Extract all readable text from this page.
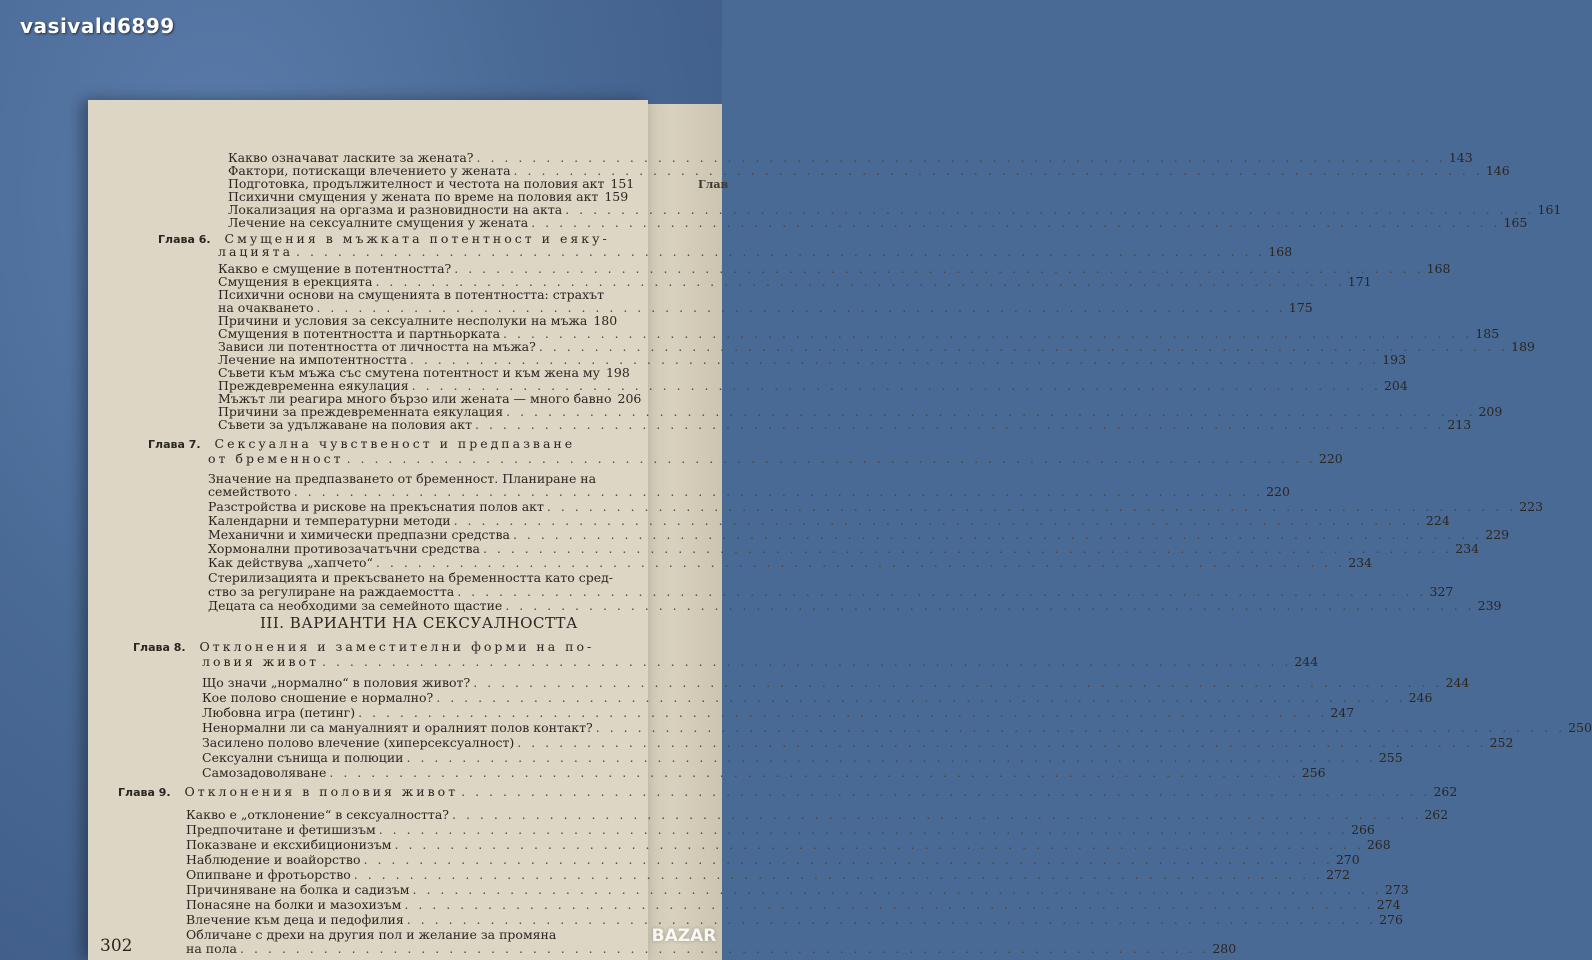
Глав
vasivald6899
Какво означават ласките за жената? . . .	143
Фактори, потискащи влечението у жената . . .	146
Подготовка, продължителност и честота на половия акт 151
Психични смущения у жената по време на половия акт 159
Локализация на оргазма и разновидности на акта . . .	161
Лечение на сексуалните смущения у жената . . .	165
Глава 6. Смущения в мъжката потентност и еяку-
лацията . . .	168
Какво е смущение в потентността? . . .	168
Смущения в ерекцията . . .	171
Психични основи на смущенията в потентността: страхът
на очакването . . .	175
Причини и условия за сексуалните несполуки на мъжа 180
Смущения в потентността и партньорката . . .	185
Зависи ли потентността от личността на мъжа? . . .	189
Лечение на импотентността . . .	193
Съвети към мъжа със смутена потентност и към жена му 198
Преждевременна еякулация . . .	204
Мъжът ли реагира много бързо или жената — много бавно 206
Причини за преждевременната еякулация . . .	209
Съвети за удължаване на половия акт . . .	213
Глава 7. Сексуална чувственост и предпазване
от бременност . . .	220
Значение на предпазването от бременност. Планиране на
семейството . . .	220
Разстройства и рискове на прекъснатия полов акт . . .	223
Календарни и температурни методи . . .	224
Механични и химически предпазни средства . . .	229
Хормонални противозачатъчни средства . . .	234
Как действува „хапчето“ . . .	234
Стерилизацията и прекъсването на бременността като сред-
ство за регулиране на раждаемостта . . .	327
Децата са необходими за семейното щастие . . .	239
III. ВАРИАНТИ НА СЕКСУАЛНОСТТА
Глава 8. Отклонения и заместителни форми на по-
ловия живот . . .	244
Що значи „нормално“ в половия живот? . . .	244
Кое полово сношение е нормално? . . .	246
Любовна игра (петинг) . . .	247
Ненормални ли са мануалният и оралният полов контакт? . . .	250
Засилено полово влечение (хиперсексуалност) . . .	252
Сексуални сънища и полюции . . .	255
Самозадоволяване . . .	256
Глава 9. Отклонения в половия живот . . .	262
Какво е „отклонение“ в сексуалността? . . .	262
Предпочитане и фетишизъм . . .	266
Показване и ексхибиционизъм . . .	268
Наблюдение и воайорство . . .	270
Опипване и фротьорство . . .	272
Причиняване на болка и садизъм . . .	273
Понасяне на болки и мазохизъм . . .	274
Влечение към деца и педофилия . . .	276
Обличане с дрехи на другия пол и желание за промяна
на пола . . .	280
302	BAZAR
